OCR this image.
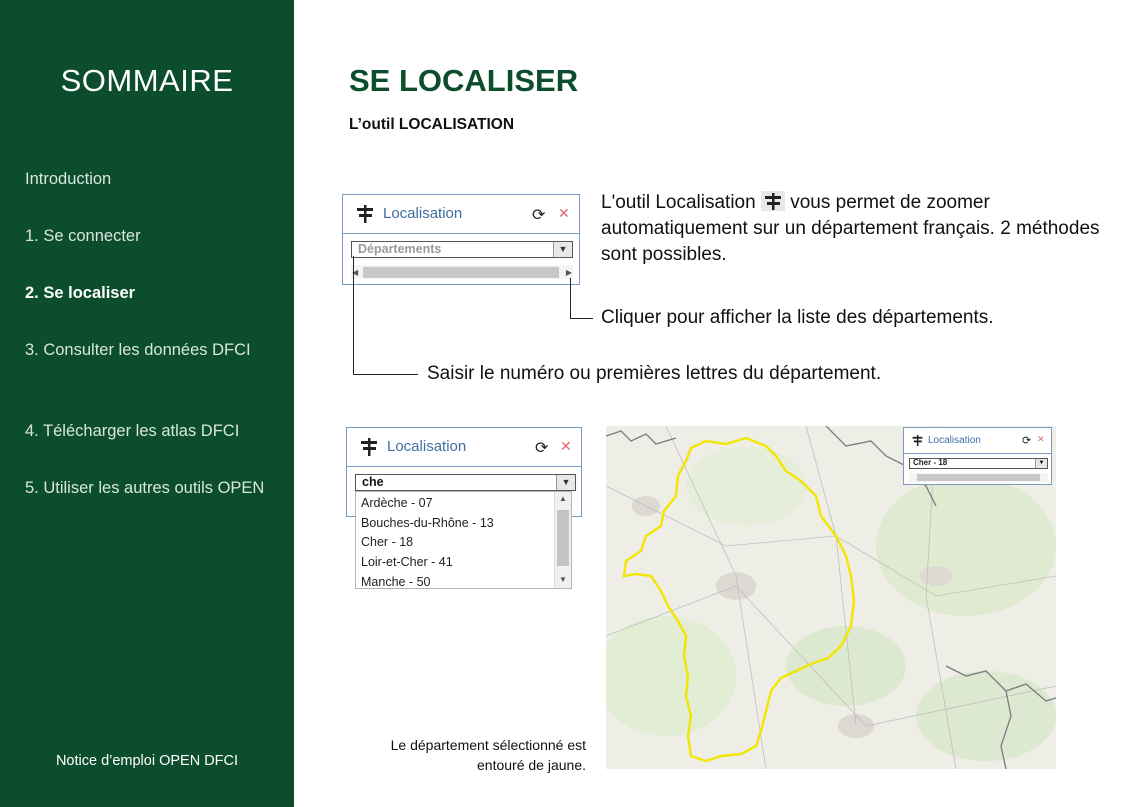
SOMMAIRE
Introduction
1. Se connecter
2. Se localiser
3. Consulter les données DFCI
4. Télécharger les atlas DFCI
5. Utiliser les autres outils OPEN
Notice d’emploi OPEN DFCI
SE LOCALISER
L’outil LOCALISATION
Localisation	⟳ ✕
Départements	▼
◀	▶
L'outil Localisation vous permet de zoomer automatiquement sur un département français. 2 méthodes sont possibles.
Cliquer pour afficher la liste des départements.
Saisir le numéro ou premières lettres du département.
Localisation	⟳ ✕
che	▼
Ardèche - 07
Bouches-du-Rhône - 13
Cher - 18
Loir-et-Cher - 41
Manche - 50
▲
▼
Localisation	⟳ ✕
Cher - 18	▼
Le département sélectionné est
entouré de jaune.
